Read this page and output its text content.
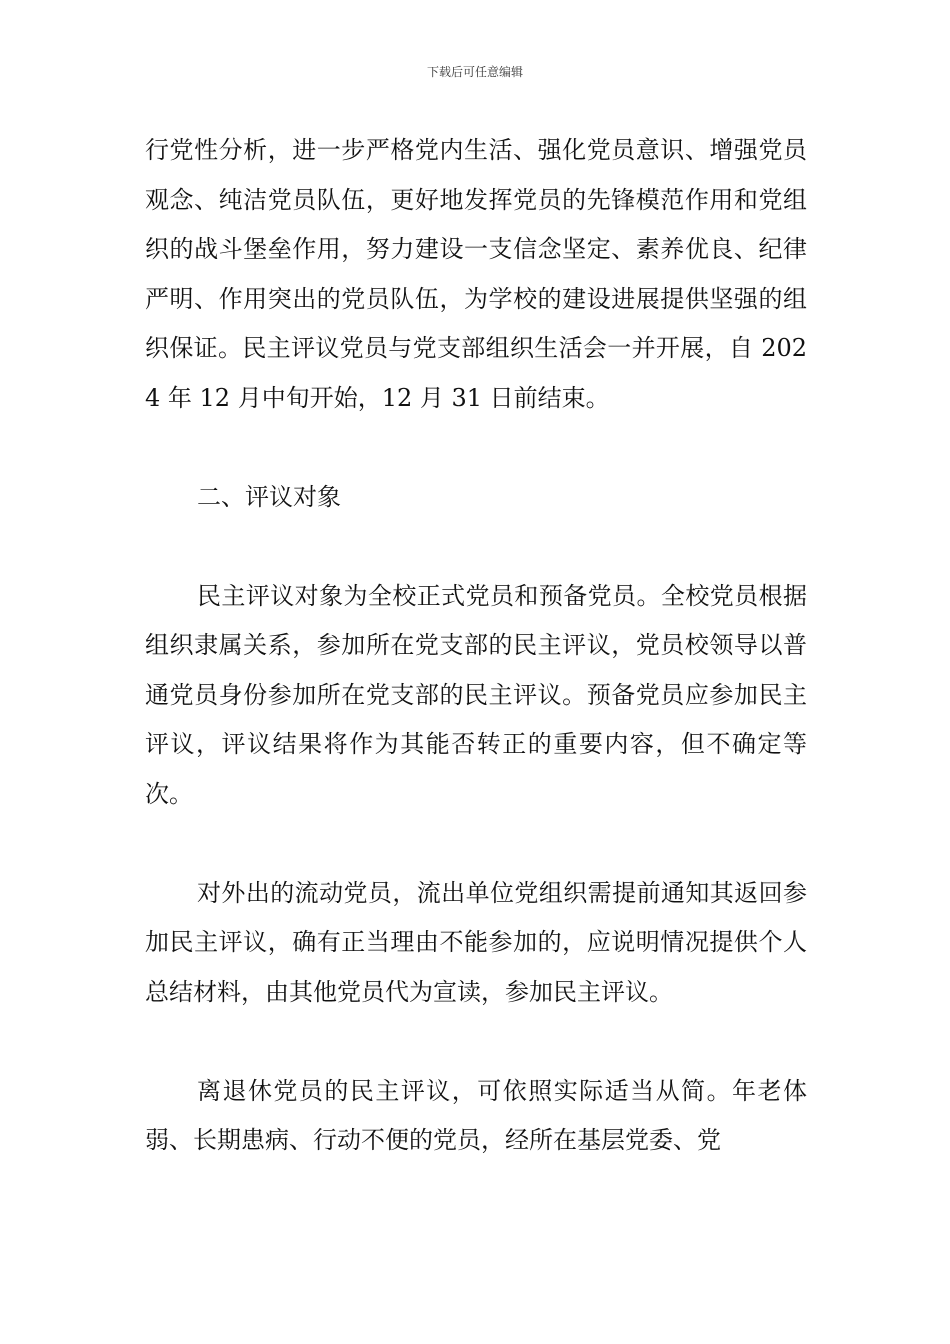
下载后可任意编辑

行党性分析，进一步严格党内生活、强化党员意识、增强党员观念、纯洁党员队伍，更好地发挥党员的先锋模范作用和党组织的战斗堡垒作用，努力建设一支信念坚定、素养优良、纪律严明、作用突出的党员队伍，为学校的建设进展提供坚强的组织保证。民主评议党员与党支部组织生活会一并开展，自 2024 年 12 月中旬开始，12 月 31 日前结束。

二、评议对象

民主评议对象为全校正式党员和预备党员。全校党员根据组织隶属关系，参加所在党支部的民主评议，党员校领导以普通党员身份参加所在党支部的民主评议。预备党员应参加民主评议，评议结果将作为其能否转正的重要内容，但不确定等次。

对外出的流动党员，流出单位党组织需提前通知其返回参加民主评议，确有正当理由不能参加的，应说明情况提供个人总结材料，由其他党员代为宣读，参加民主评议。

离退休党员的民主评议，可依照实际适当从简。年老体弱、长期患病、行动不便的党员，经所在基层党委、党
